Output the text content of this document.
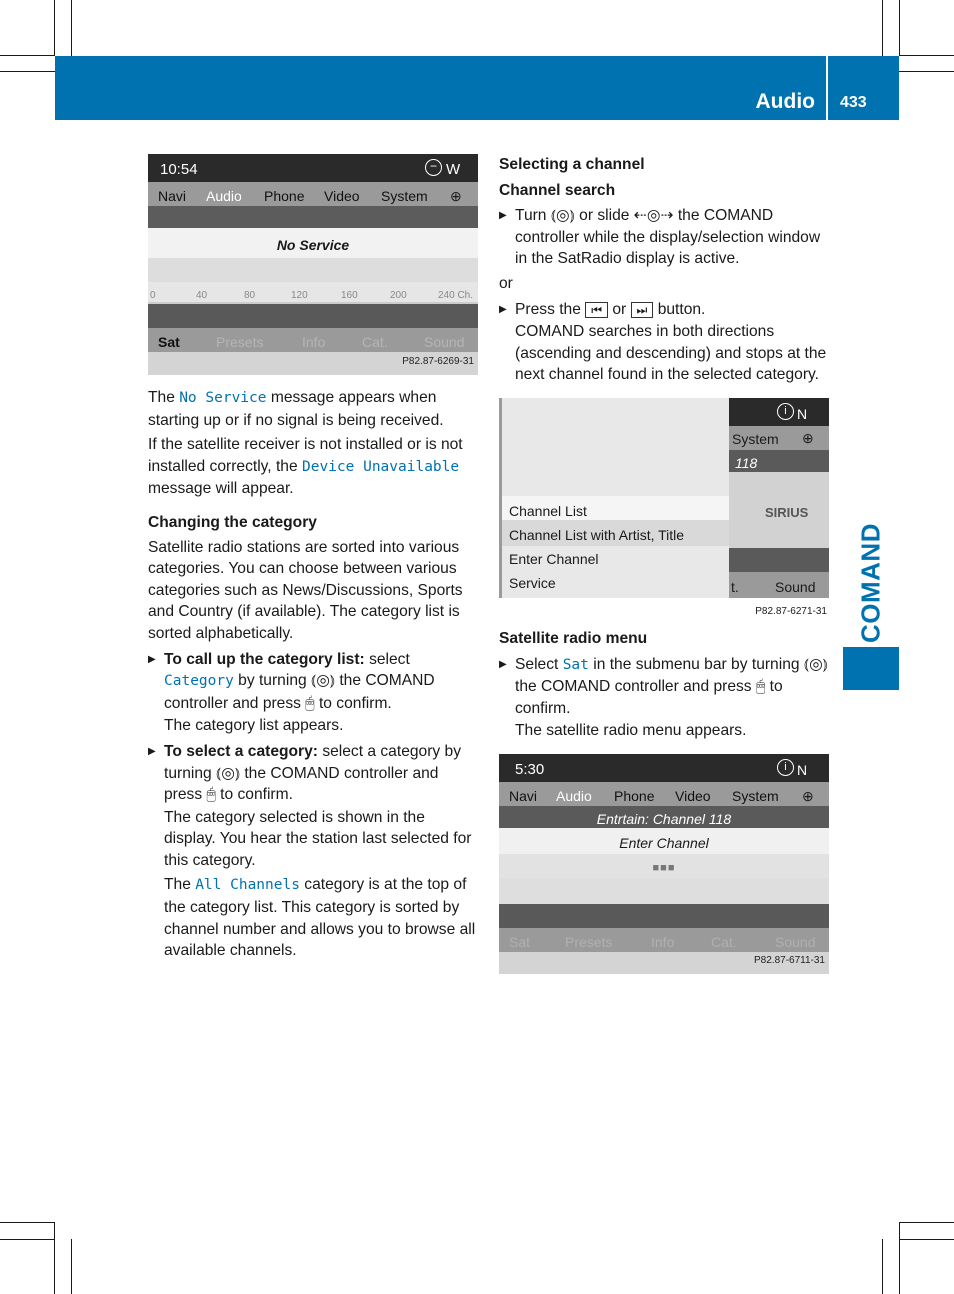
Audio 433
COMAND
10:54	− W
Navi Audio Phone Video System ⊕
No Service
0	40	80	120	160	200	240 Ch.
Sat	Presets	Info	Cat.	Sound
P82.87-6269-31

The No Service message appears when starting up or if no signal is being received.

If the satellite receiver is not installed or is not installed correctly, the Device Unavailable message will appear.

Changing the category

Satellite radio stations are sorted into various categories. You can choose between various categories such as News/Discussions, Sports and Country (if available). The category list is sorted alphabetically.

▶ To call up the category list: select Category by turning ⦅◎⦆ the COMAND controller and press 🖱 to confirm.

The category list appears.

▶ To select a category: select a category by turning ⦅◎⦆ the COMAND controller and press 🖱 to confirm.

The category selected is shown in the display. You hear the station last selected for this category.

The All Channels category is at the top of the category list. This category is sorted by channel number and allows you to browse all available channels.

Selecting a channel

Channel search

▶ Turn ⦅◎⦆ or slide ⇠◎⇢ the COMAND controller while the display/selection window in the SatRadio display is active.

or

▶ Press the ⏮ or ⏭ button.

COMAND searches in both directions (ascending and descending) and stops at the next channel found in the selected category.

Channel List
Channel List with Artist, Title
Enter Channel
Service
i N
System ⊕
118
SIRIUS
t.	Sound
P82.87-6271-31

Satellite radio menu

▶ Select Sat in the submenu bar by turning ⦅◎⦆ the COMAND controller and press 🖱 to confirm.

The satellite radio menu appears.

5:30	i N
Navi Audio Phone Video System ⊕
Entrtain: Channel 118
Enter Channel
■■■
Sat Presets	Info	Cat.	Sound
P82.87-6711-31
